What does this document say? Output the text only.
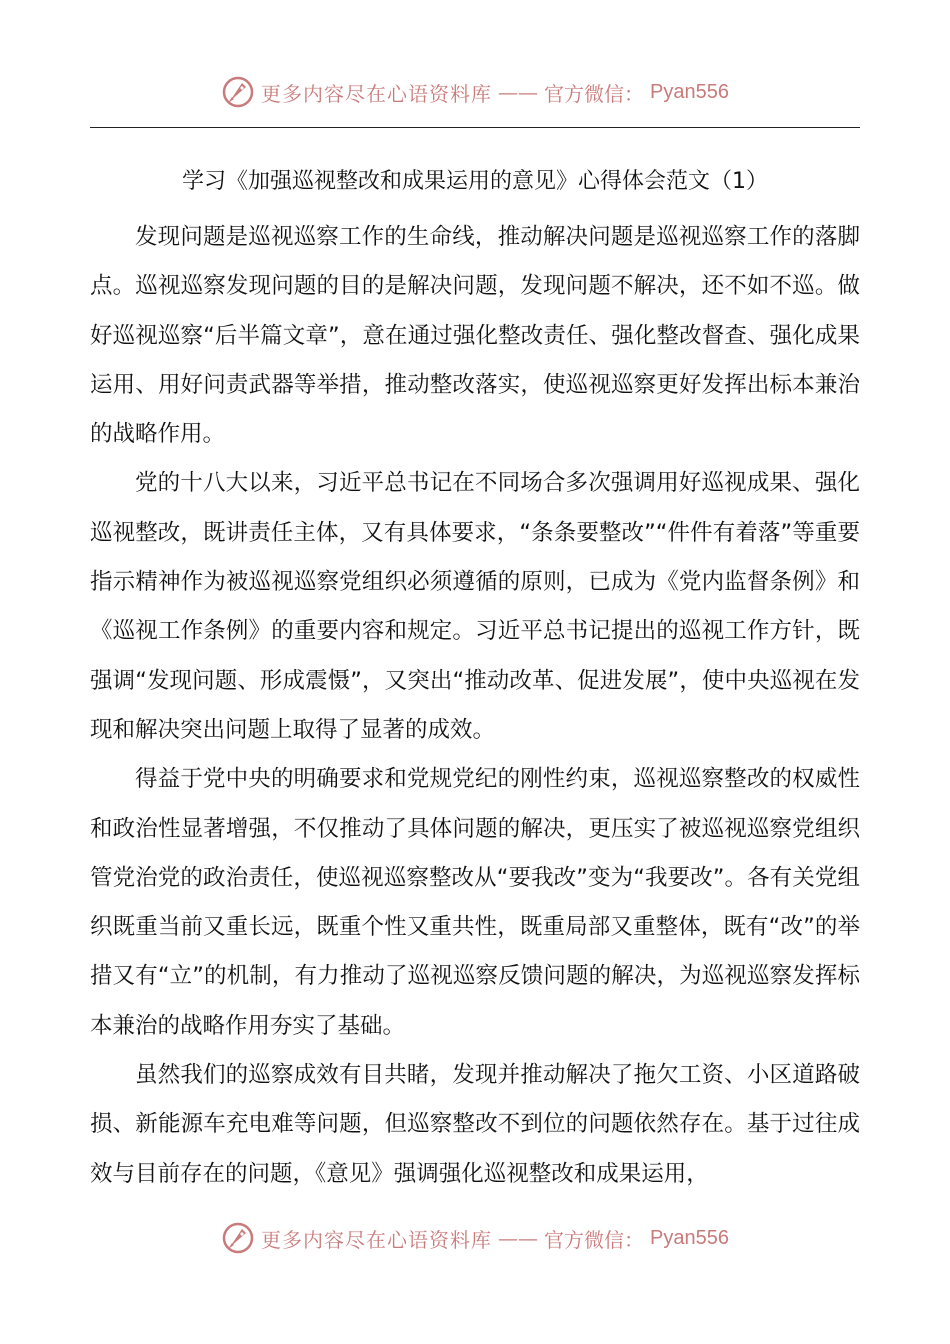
更多内容尽在心语资料库 —— 官方微信： Pyan556
学习《加强巡视整改和成果运用的意见》心得体会范文（1）

发现问题是巡视巡察工作的生命线，推动解决问题是巡视巡察工作的落脚点。巡视巡察发现问题的目的是解决问题，发现问题不解决，还不如不巡。做好巡视巡察“后半篇文章”，意在通过强化整改责任、强化整改督查、强化成果运用、用好问责武器等举措，推动整改落实，使巡视巡察更好发挥出标本兼治的战略作用。

党的十八大以来，习近平总书记在不同场合多次强调用好巡视成果、强化巡视整改，既讲责任主体，又有具体要求，“条条要整改”“件件有着落”等重要指示精神作为被巡视巡察党组织必须遵循的原则，已成为《党内监督条例》和《巡视工作条例》的重要内容和规定。习近平总书记提出的巡视工作方针，既强调“发现问题、形成震慑”，又突出“推动改革、促进发展”，使中央巡视在发现和解决突出问题上取得了显著的成效。

得益于党中央的明确要求和党规党纪的刚性约束，巡视巡察整改的权威性和政治性显著增强，不仅推动了具体问题的解决，更压实了被巡视巡察党组织管党治党的政治责任，使巡视巡察整改从“要我改”变为“我要改”。各有关党组织既重当前又重长远，既重个性又重共性，既重局部又重整体，既有“改”的举措又有“立”的机制，有力推动了巡视巡察反馈问题的解决，为巡视巡察发挥标本兼治的战略作用夯实了基础。

虽然我们的巡察成效有目共睹，发现并推动解决了拖欠工资、小区道路破损、新能源车充电难等问题，但巡察整改不到位的问题依然存在。基于过往成效与目前存在的问题，《意见》强调强化巡视整改和成果运用，

更多内容尽在心语资料库 —— 官方微信： Pyan556
